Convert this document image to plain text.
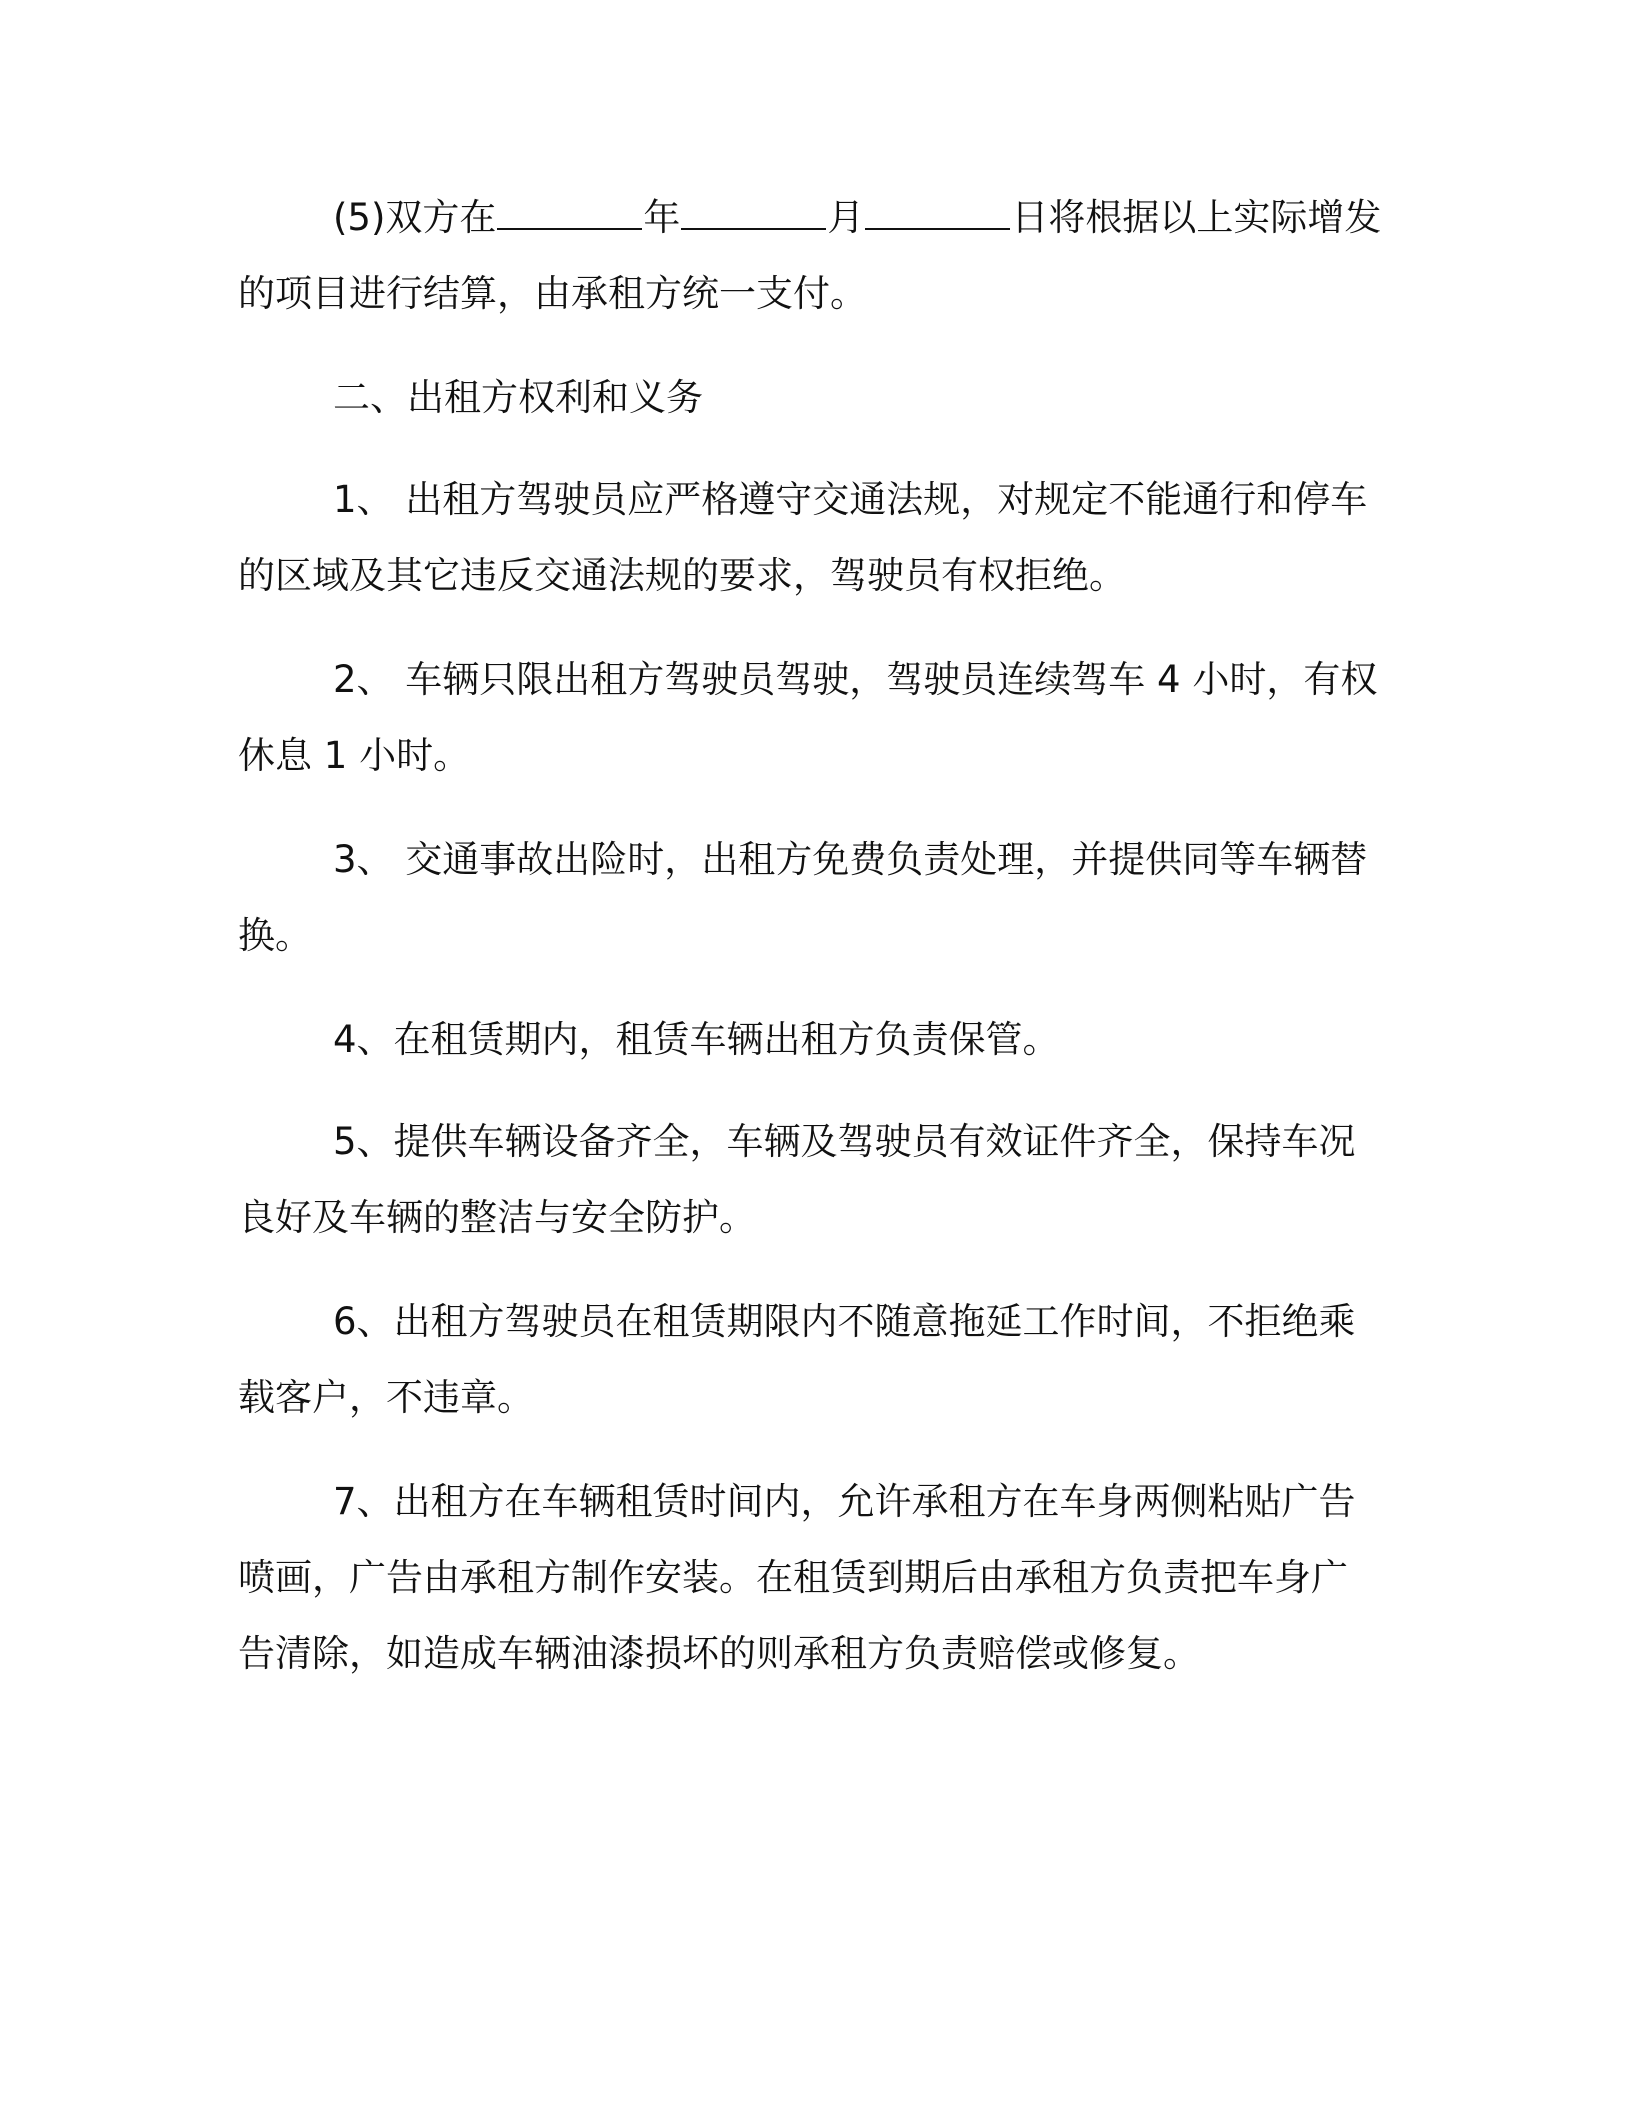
(5)双方在	年	月	日将根据以上实际增发
的项目进行结算，由承租方统一支付。

二、出租方权利和义务

1、 出租方驾驶员应严格遵守交通法规，对规定不能通行和停车
的区域及其它违反交通法规的要求，驾驶员有权拒绝。

2、 车辆只限出租方驾驶员驾驶，驾驶员连续驾车 4 小时，有权
休息 1 小时。

3、 交通事故出险时，出租方免费负责处理，并提供同等车辆替
换。

4、在租赁期内，租赁车辆出租方负责保管。

5、提供车辆设备齐全，车辆及驾驶员有效证件齐全，保持车况
良好及车辆的整洁与安全防护。

6、出租方驾驶员在租赁期限内不随意拖延工作时间，不拒绝乘
载客户，不违章。

7、出租方在车辆租赁时间内，允许承租方在车身两侧粘贴广告
喷画，广告由承租方制作安装。在租赁到期后由承租方负责把车身广
告清除，如造成车辆油漆损坏的则承租方负责赔偿或修复。
